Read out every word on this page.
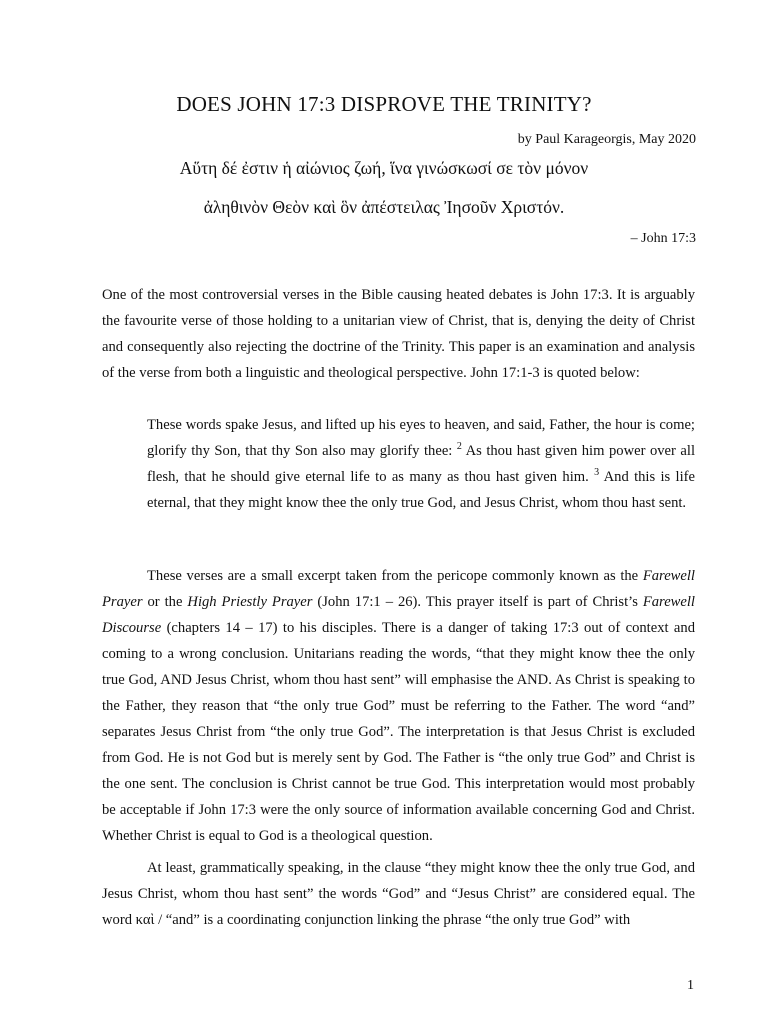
DOES JOHN 17:3 DISPROVE THE TRINITY?
by Paul Karageorgis, May 2020
Αὕτη δέ ἐστιν ἡ αἰώνιος ζωή, ἵνα γινώσκωσί σε τὸν μόνον
ἀληθινὸν Θεὸν καὶ ὃν ἀπέστειλας Ἰησοῦν Χριστόν.
– John 17:3

One of the most controversial verses in the Bible causing heated debates is John 17:3. It is arguably the favourite verse of those holding to a unitarian view of Christ, that is, denying the deity of Christ and consequently also rejecting the doctrine of the Trinity. This paper is an examination and analysis of the verse from both a linguistic and theological perspective. John 17:1-3 is quoted below:

These words spake Jesus, and lifted up his eyes to heaven, and said, Father, the hour is come; glorify thy Son, that thy Son also may glorify thee: $^2$ As thou hast given him power over all flesh, that he should give eternal life to as many as thou hast given him. $^3$ And this is life eternal, that they might know thee the only true God, and Jesus Christ, whom thou hast sent.

These verses are a small excerpt taken from the pericope commonly known as the Farewell Prayer or the High Priestly Prayer (John 17:1 – 26). This prayer itself is part of Christ’s Farewell Discourse (chapters 14 – 17) to his disciples. There is a danger of taking 17:3 out of context and coming to a wrong conclusion. Unitarians reading the words, “that they might know thee the only true God, AND Jesus Christ, whom thou hast sent” will emphasise the AND. As Christ is speaking to the Father, they reason that “the only true God” must be referring to the Father. The word “and” separates Jesus Christ from “the only true God”. The interpretation is that Jesus Christ is excluded from God. He is not God but is merely sent by God. The Father is “the only true God” and Christ is the one sent. The conclusion is Christ cannot be true God. This interpretation would most probably be acceptable if John 17:3 were the only source of information available concerning God and Christ. Whether Christ is equal to God is a theological question.

At least, grammatically speaking, in the clause “they might know thee the only true God, and Jesus Christ, whom thou hast sent” the words “God” and “Jesus Christ” are considered equal. The word καὶ / “and” is a coordinating conjunction linking the phrase “the only true God” with

1
